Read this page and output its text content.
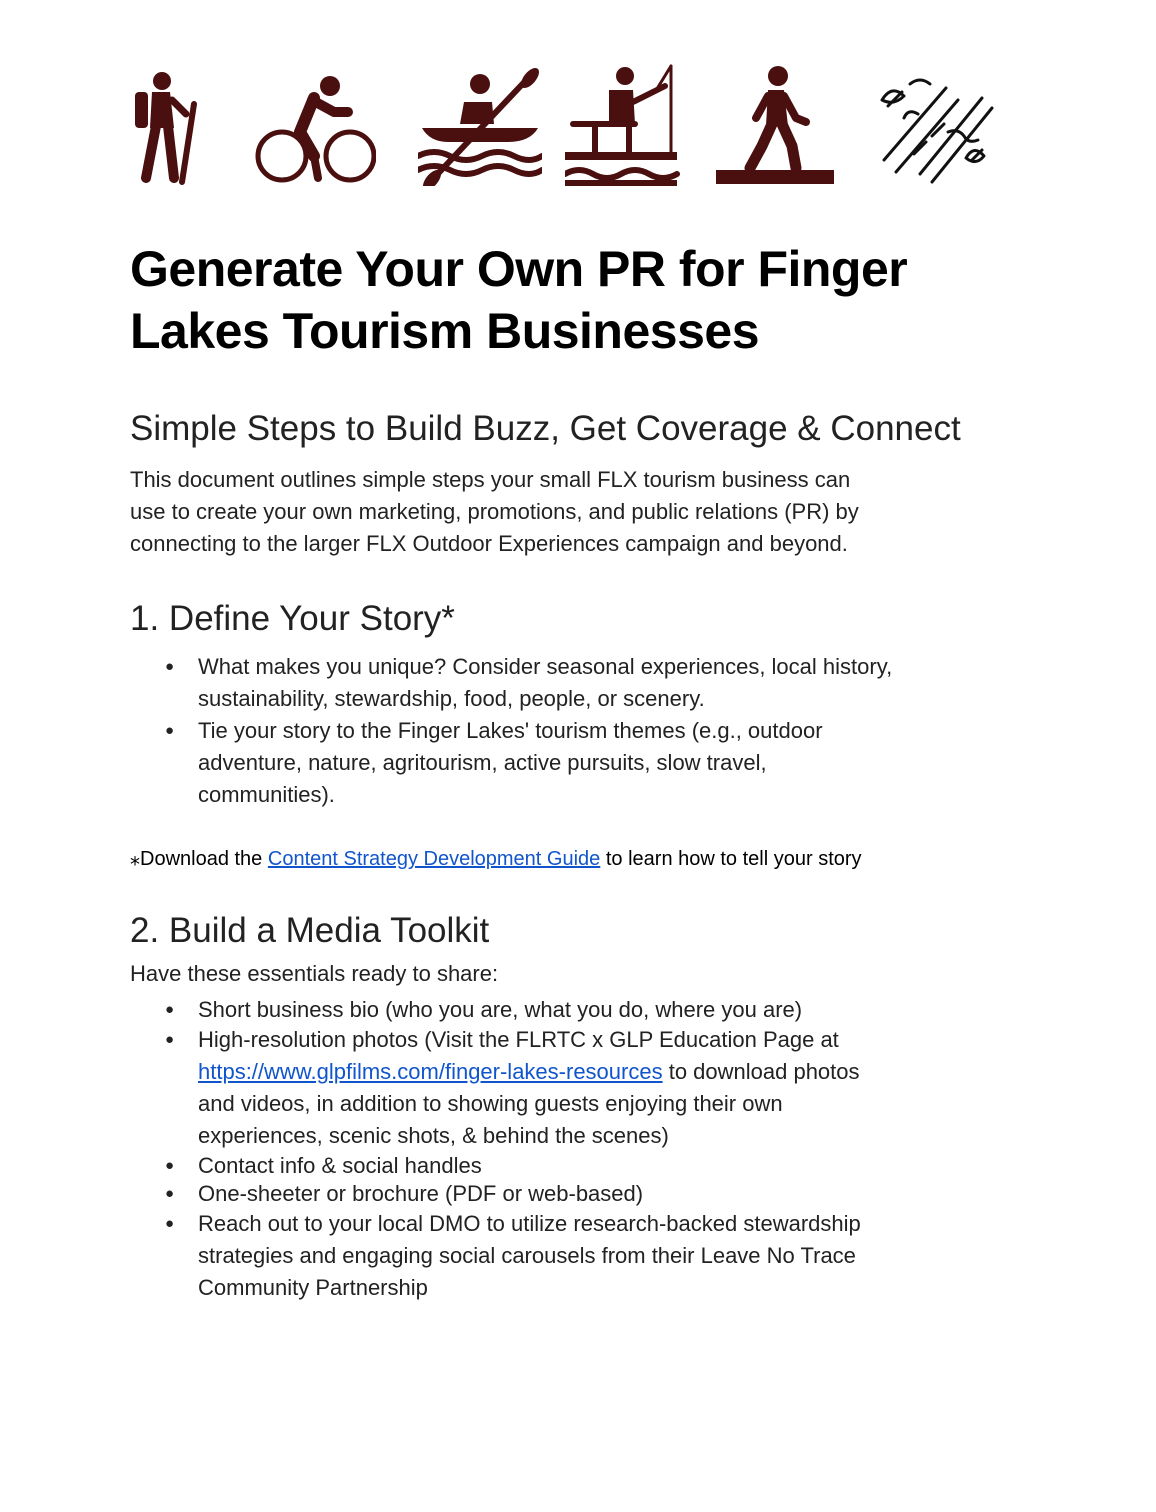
Generate Your Own PR for Finger
Lakes Tourism Businesses
Simple Steps to Build Buzz, Get Coverage & Connect

This document outlines simple steps your small FLX tourism business can

use to create your own marketing, promotions, and public relations (PR) by

connecting to the larger FLX Outdoor Experiences campaign and beyond.

1. Define Your Story*
● What makes you unique? Consider seasonal experiences, local history,
sustainability, stewardship, food, people, or scenery.
● Tie your story to the Finger Lakes' tourism themes (e.g., outdoor
adventure, nature, agritourism, active pursuits, slow travel,
communities).
⁎Download the Content Strategy Development Guide to learn how to tell your story
2. Build a Media Toolkit
Have these essentials ready to share:
● Short business bio (who you are, what you do, where you are)
● High-resolution photos (Visit the FLRTC x GLP Education Page at
https://www.glpfilms.com/finger-lakes-resources to download photos
and videos, in addition to showing guests enjoying their own
experiences, scenic shots, & behind the scenes)
● Contact info & social handles
● One-sheeter or brochure (PDF or web-based)
● Reach out to your local DMO to utilize research-backed stewardship
strategies and engaging social carousels from their Leave No Trace
Community Partnership
